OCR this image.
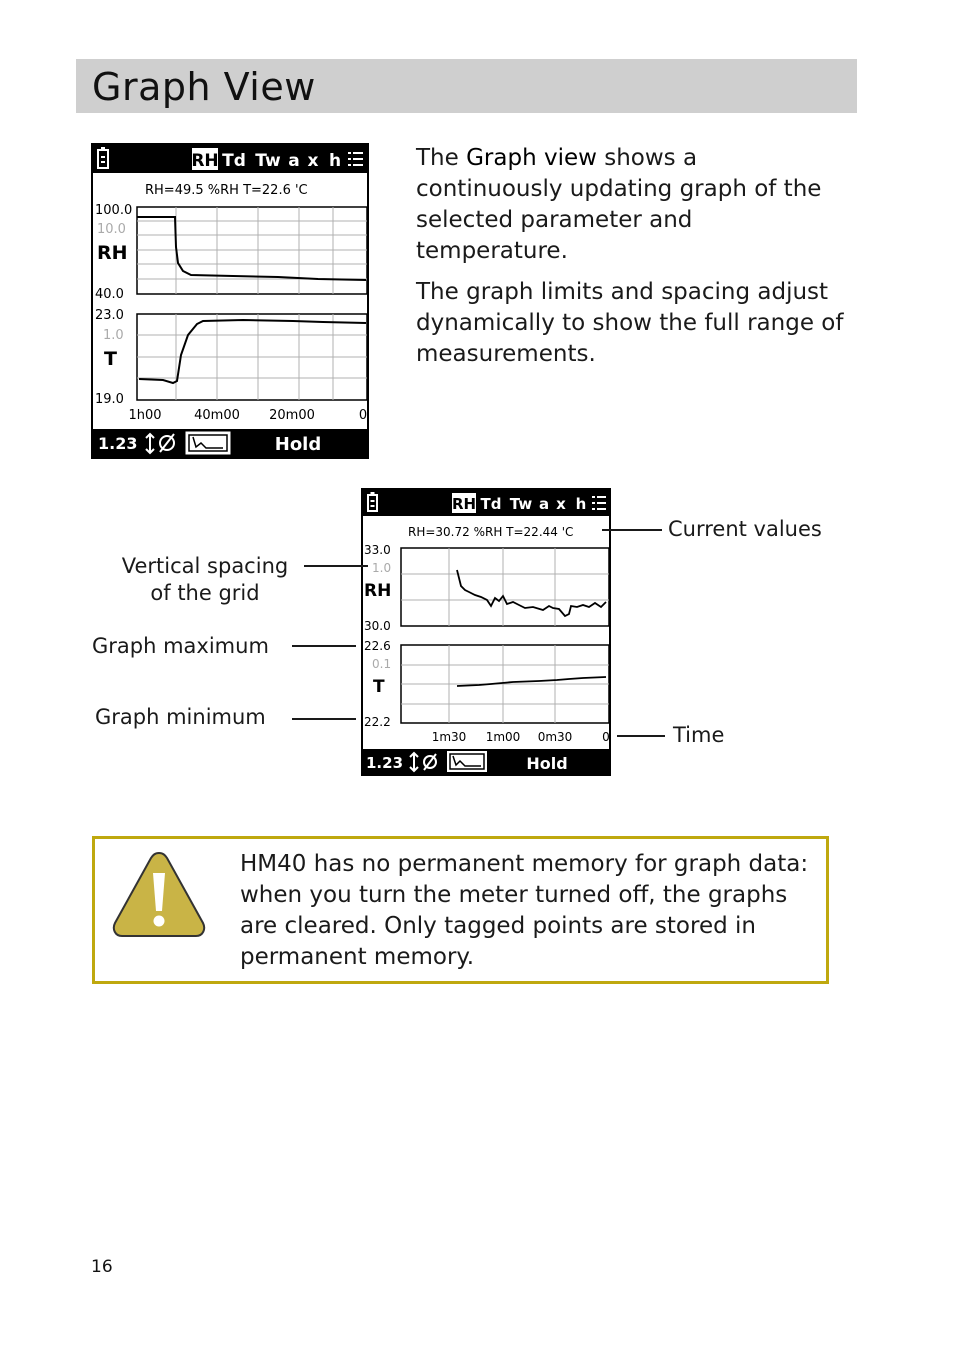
Graph View

The Graph view shows a continuously updating graph of the selected parameter and temperature.

The graph limits and spacing adjust dynamically to show the full range of measurements.

RH Td Tw a x h
RH=49.5 %RH T=22.6 'C
100.0
10.0
RH
40.0
23.0
1.0
T
19.0
1h00	40m00 20m00	0
1.23	Hold
RH Td Tw a x h
RH=30.72 %RH T=22.44 'C
33.0
1.0
RH
30.0
22.6
0.1
T
22.2
1m30 1m00 0m30 0
1.23	Hold
Vertical spacing
of the grid
Graph maximum
Graph minimum
Current values
Time
HM40 has no permanent memory for graph data: when you turn the meter turned off, the graphs are cleared. Only tagged points are stored in permanent memory.
16
